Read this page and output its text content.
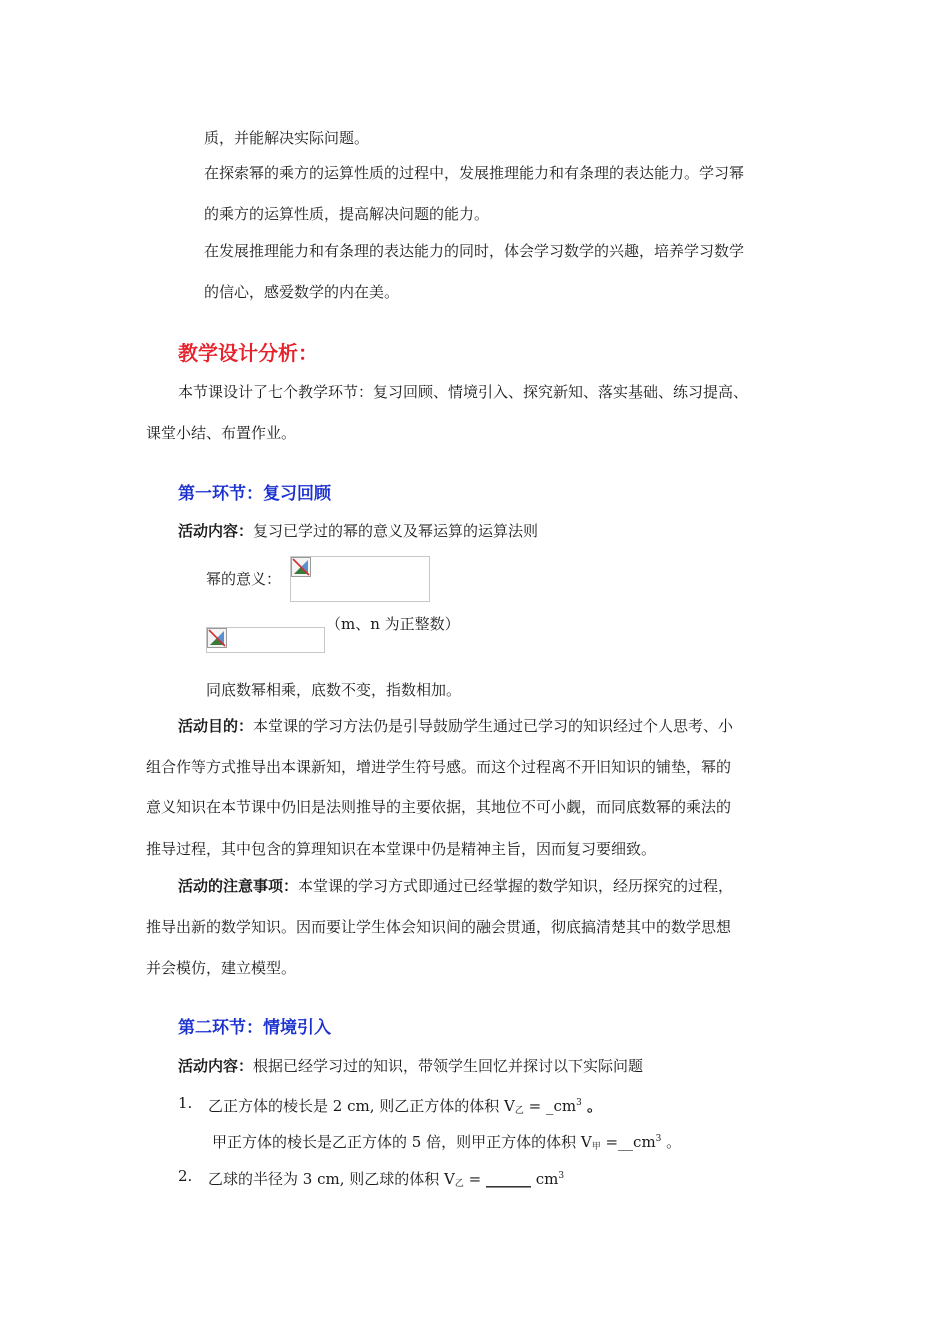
质，并能解决实际问题。
在探索幂的乘方的运算性质的过程中，发展推理能力和有条理的表达能力。学习幂
的乘方的运算性质，提高解决问题的能力。
在发展推理能力和有条理的表达能力的同时，体会学习数学的兴趣，培养学习数学
的信心，感爱数学的内在美。
教学设计分析：
本节课设计了七个教学环节：复习回顾、情境引入、探究新知、落实基础、练习提高、
课堂小结、布置作业。
第一环节：复习回顾
活动内容：复习已学过的幂的意义及幂运算的运算法则
幂的意义：
（m、n 为正整数）
同底数幂相乘，底数不变，指数相加。
活动目的：本堂课的学习方法仍是引导鼓励学生通过已学习的知识经过个人思考、小
组合作等方式推导出本课新知，增进学生符号感。而这个过程离不开旧知识的铺垫，幂的
意义知识在本节课中仍旧是法则推导的主要依据，其地位不可小觑，而同底数幂的乘法的
推导过程，其中包含的算理知识在本堂课中仍是精神主旨，因而复习要细致。
活动的注意事项：本堂课的学习方式即通过已经掌握的数学知识，经历探究的过程，
推导出新的数学知识。因而要让学生体会知识间的融会贯通，彻底搞清楚其中的数学思想
并会模仿，建立模型。
第二环节：情境引入
活动内容：根据已经学习过的知识，带领学生回忆并探讨以下实际问题
1. 乙正方体的棱长是 2 cm, 则乙正方体的体积 $V_乙$ = $\_cm^3$ 。
甲正方体的棱长是乙正方体的 5 倍，则甲正方体的体积 $V_甲$ $=\_\_cm^3$ 。
2. 乙球的半径为 3 cm, 则乙球的体积 $V_乙$ = ______ $cm^3$
